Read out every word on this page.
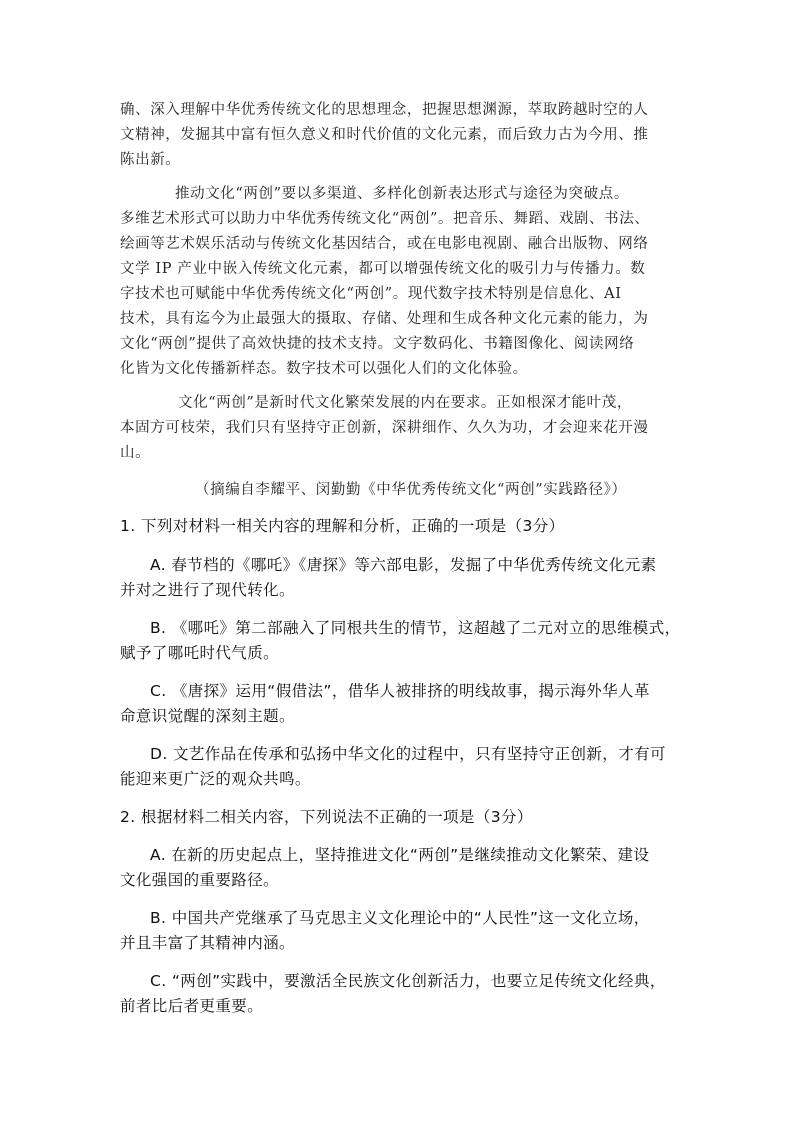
确、深入理解中华优秀传统文化的思想理念，把握思想渊源，萃取跨越时空的人

文精神，发掘其中富有恒久意义和时代价值的文化元素，而后致力古为今用、推

陈出新。

推动文化“两创”要以多渠道、多样化创新表达形式与途径为突破点。

多维艺术形式可以助力中华优秀传统文化“两创”。把音乐、舞蹈、戏剧、书法、

绘画等艺术娱乐活动与传统文化基因结合，或在电影电视剧、融合出版物、网络

文学 IP 产业中嵌入传统文化元素，都可以增强传统文化的吸引力与传播力。数

字技术也可赋能中华优秀传统文化“两创”。现代数字技术特别是信息化、AI

技术，具有迄今为止最强大的摄取、存储、处理和生成各种文化元素的能力，为

文化“两创”提供了高效快捷的技术支持。文字数码化、书籍图像化、阅读网络

化皆为文化传播新样态。数字技术可以强化人们的文化体验。

文化“两创”是新时代文化繁荣发展的内在要求。正如根深才能叶茂，

本固方可枝荣，我们只有坚持守正创新，深耕细作、久久为功，才会迎来花开漫

山。

（摘编自李耀平、闵勤勤《中华优秀传统文化“两创”实践路径》）

1. 下列对材料一相关内容的理解和分析，正确的一项是（3分）

A. 春节档的《哪吒》《唐探》等六部电影，发掘了中华优秀传统文化元素

并对之进行了现代转化。

B. 《哪吒》第二部融入了同根共生的情节，这超越了二元对立的思维模式，

赋予了哪吒时代气质。

C. 《唐探》运用“假借法”，借华人被排挤的明线故事，揭示海外华人革

命意识觉醒的深刻主题。

D. 文艺作品在传承和弘扬中华文化的过程中，只有坚持守正创新，才有可

能迎来更广泛的观众共鸣。

2. 根据材料二相关内容，下列说法不正确的一项是（3分）

A. 在新的历史起点上，坚持推进文化“两创”是继续推动文化繁荣、建设

文化强国的重要路径。

B. 中国共产党继承了马克思主义文化理论中的“人民性”这一文化立场，

并且丰富了其精神内涵。

C. “两创”实践中，要激活全民族文化创新活力，也要立足传统文化经典，

前者比后者更重要。
